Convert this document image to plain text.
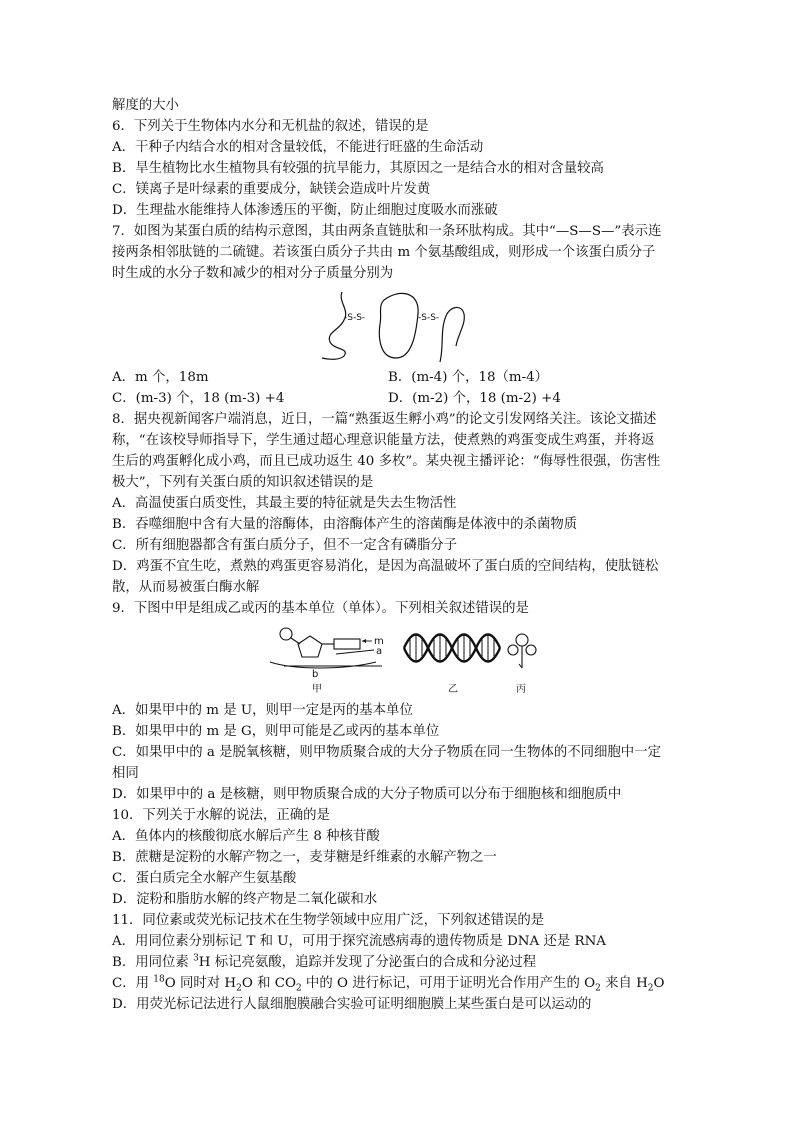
解度的大小
6．下列关于生物体内水分和无机盐的叙述，错误的是
A．干种子内结合水的相对含量较低，不能进行旺盛的生命活动
B．旱生植物比水生植物具有较强的抗旱能力，其原因之一是结合水的相对含量较高
C．镁离子是叶绿素的重要成分，缺镁会造成叶片发黄
D．生理盐水能维持人体渗透压的平衡，防止细胞过度吸水而涨破
7．如图为某蛋白质的结构示意图，其由两条直链肽和一条环肽构成。其中“—S—S—”表示连
接两条相邻肽链的二硫键。若该蛋白质分子共由 m 个氨基酸组成，则形成一个该蛋白质分子
时生成的水分子数和减少的相对分子质量分别为
-S-S-	-S-S-
A．m 个，18m	B．(m-4) 个，18（m-4）
C．(m-3) 个，18 (m-3) +4	D．(m-2) 个，18 (m-2) +4
8．据央视新闻客户端消息，近日，一篇“熟蛋返生孵小鸡”的论文引发网络关注。该论文描述
称，“在该校导师指导下，学生通过超心理意识能量方法，使煮熟的鸡蛋变成生鸡蛋，并将返
生后的鸡蛋孵化成小鸡，而且已成功返生 40 多枚”。某央视主播评论：“侮辱性很强，伤害性
极大”，下列有关蛋白质的知识叙述错误的是
A．高温使蛋白质变性，其最主要的特征就是失去生物活性
B．吞噬细胞中含有大量的溶酶体，由溶酶体产生的溶菌酶是体液中的杀菌物质
C．所有细胞器都含有蛋白质分子，但不一定含有磷脂分子
D．鸡蛋不宜生吃，煮熟的鸡蛋更容易消化，是因为高温破坏了蛋白质的空间结构，使肽链松
散，从而易被蛋白酶水解
9．下图中甲是组成乙或丙的基本单位（单体）。下列相关叙述错误的是
m
a
b
甲	乙	丙
A．如果甲中的 m 是 U，则甲一定是丙的基本单位
B．如果甲中的 m 是 G，则甲可能是乙或丙的基本单位
C．如果甲中的 a 是脱氧核糖，则甲物质聚合成的大分子物质在同一生物体的不同细胞中一定
相同
D．如果甲中的 a 是核糖，则甲物质聚合成的大分子物质可以分布于细胞核和细胞质中
10．下列关于水解的说法，正确的是
A．鱼体内的核酸彻底水解后产生 8 种核苷酸
B．蔗糖是淀粉的水解产物之一，麦芽糖是纤维素的水解产物之一
C．蛋白质完全水解产生氨基酸
D．淀粉和脂肪水解的终产物是二氧化碳和水
11．同位素或荧光标记技术在生物学领域中应用广泛，下列叙述错误的是
A．用同位素分别标记 T 和 U，可用于探究流感病毒的遗传物质是 DNA 还是 RNA
B．用同位素 $^3$H 标记亮氨酸，追踪并发现了分泌蛋白的合成和分泌过程
C．用 $^{18}$O 同时对 $H_2O$ 和 $CO_2$ 中的 O 进行标记，可用于证明光合作用产生的 $O_2$ 来自 $H_2O$
D．用荧光标记法进行人鼠细胞膜融合实验可证明细胞膜上某些蛋白是可以运动的
